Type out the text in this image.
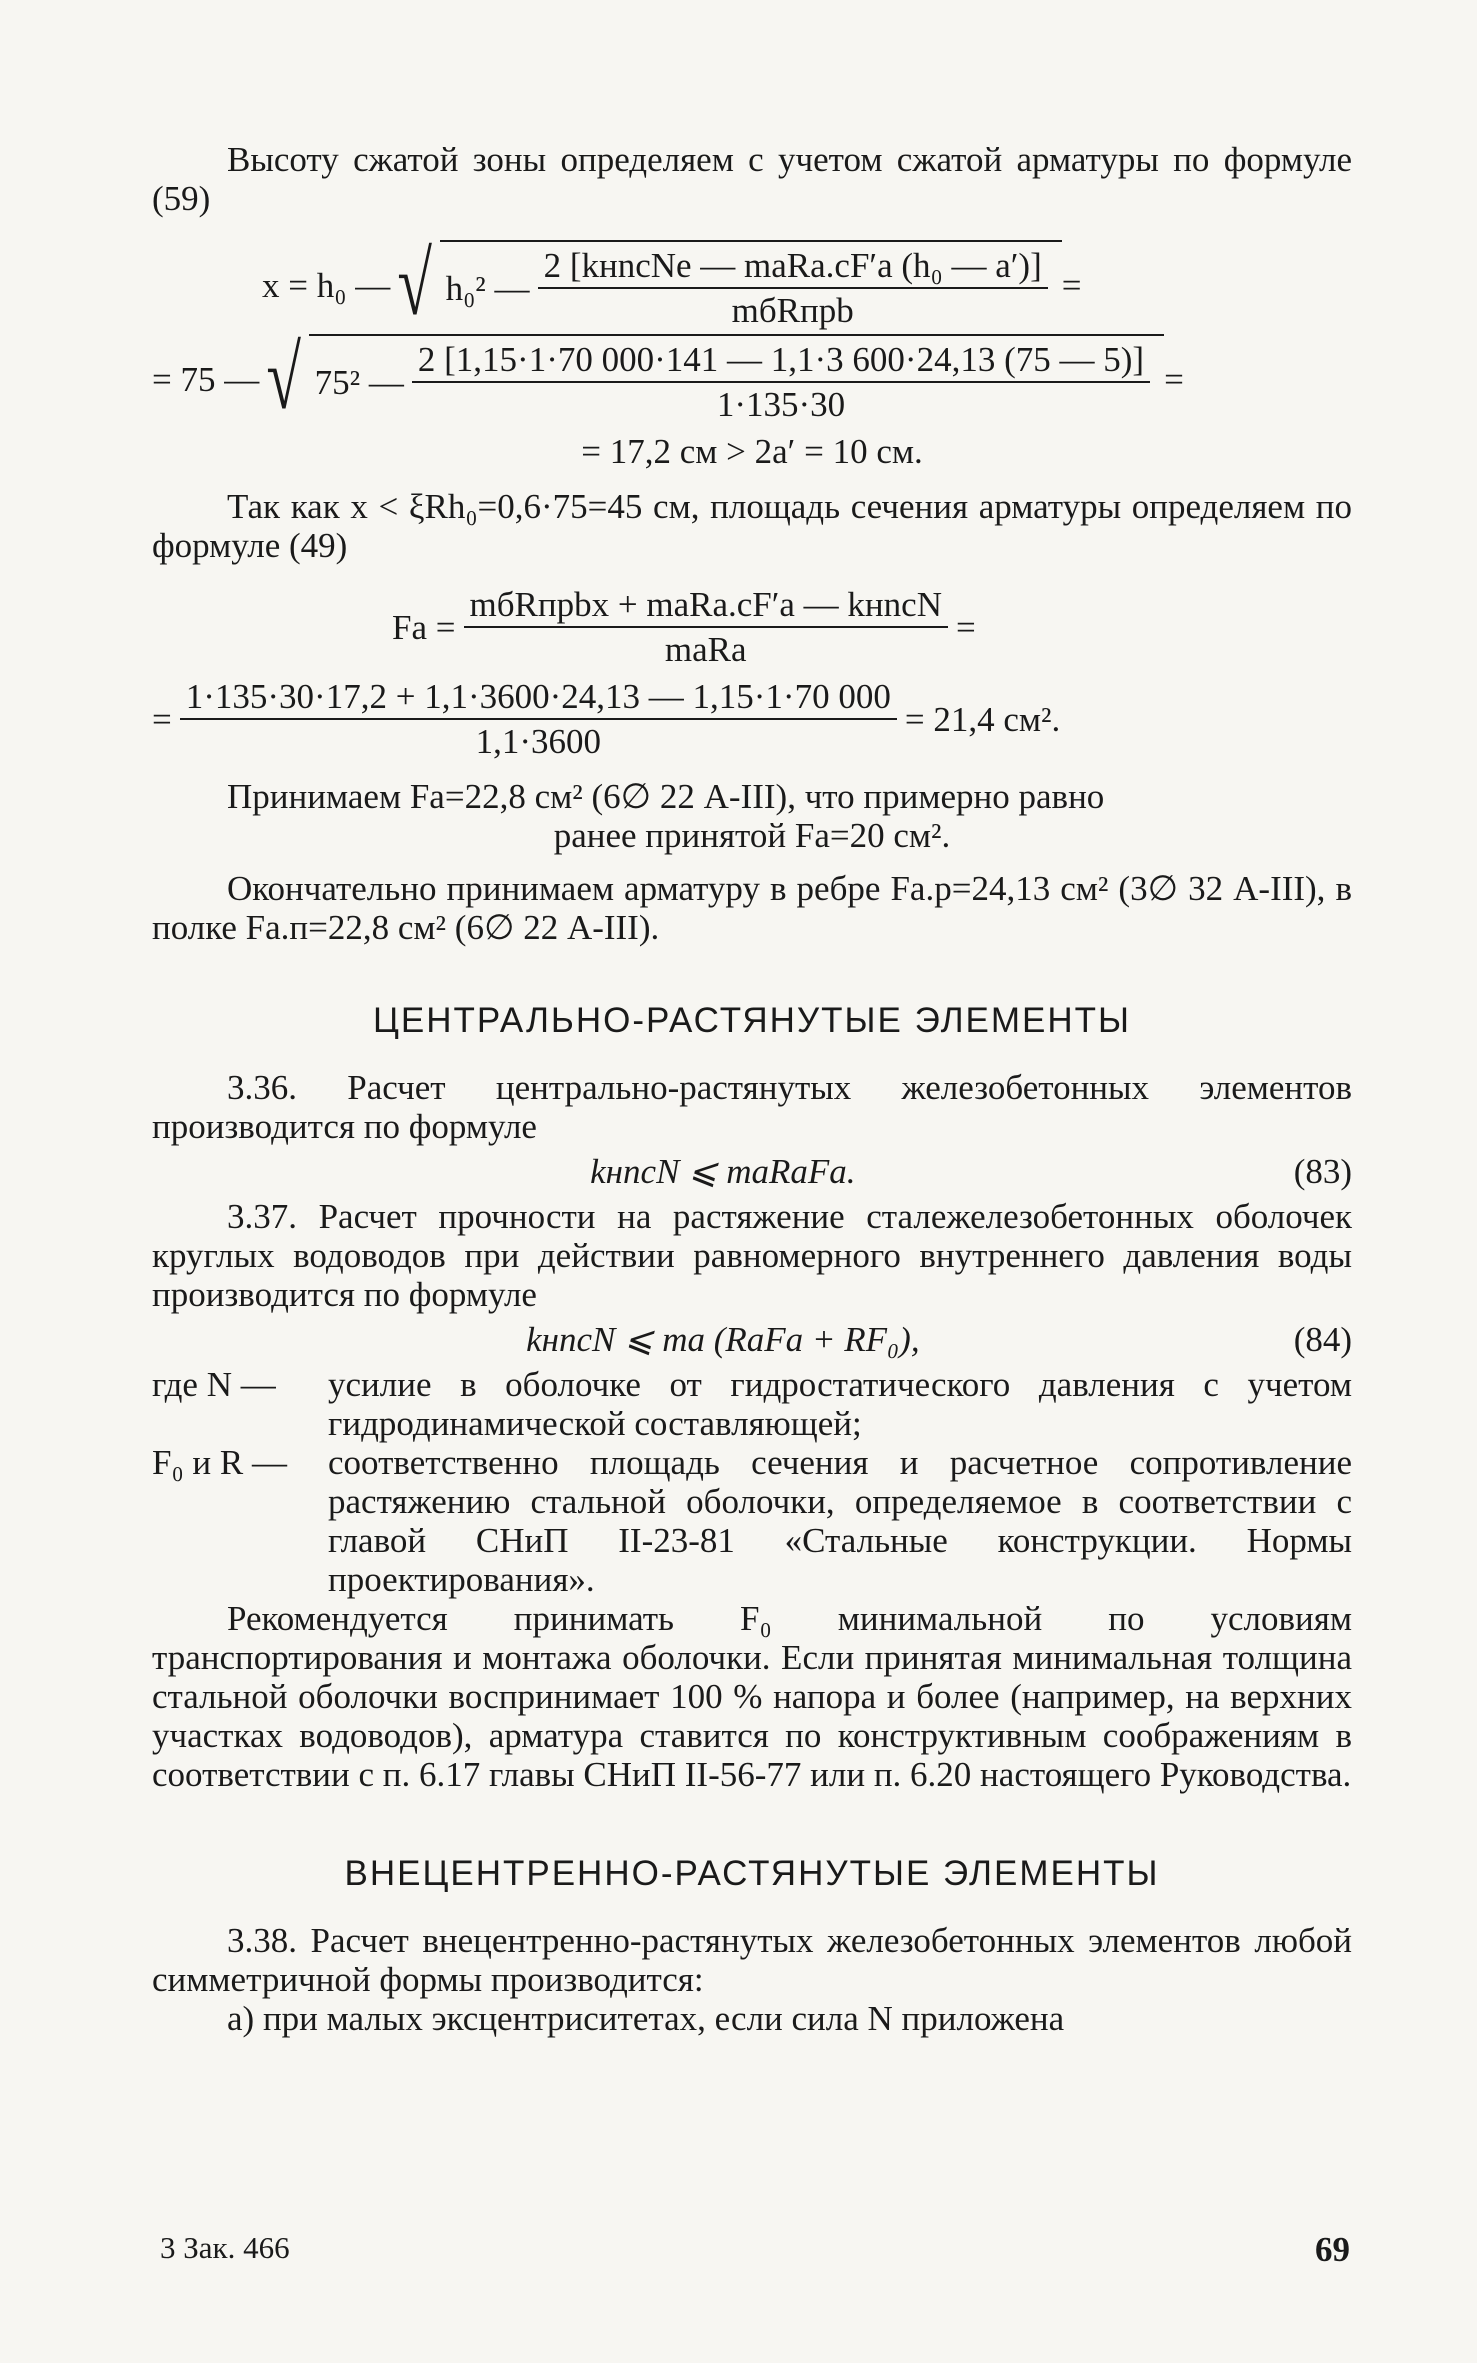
Высоту сжатой зоны определяем с учетом сжатой арматуры по формуле (59)

x = h₀ — √ h₀² — $\frac{\text{2 [kнnсNe — mаRа.сF′а (h₀ — a′)]}}{\text{mбRпрb}}$ =
= 75 — √ 75² — $\frac{2 [1,15\cdot 1\cdot 70 000\cdot 141 — 1,1\cdot 3 600\cdot 24,13 (75 — 5)]}{1\cdot 135\cdot 30}$ =

= 17,2 см > 2a′ = 10 см.

Так как x < ξRh₀=0,6·75=45 см, площадь сечения арматуры определяем по формуле (49)

Fа = $\frac{\text{mбRпрbx + mаRа.сF′а — kнnсN}}{\text{mаRа}}$ =
= $\frac{1\cdot 135\cdot 30\cdot 17,2 + 1,1\cdot 3600\cdot 24,13 — 1,15\cdot 1\cdot 70 000}{1,1\cdot 3600} = 21,4$ см².

Принимаем Fа=22,8 см² (6∅ 22 А-III), что примерно равно

ранее принятой Fа=20 см².

Окончательно принимаем арматуру в ребре Fа.р=24,13 см² (3∅ 32 А-III), в полке Fа.п=22,8 см² (6∅ 22 А-III).

ЦЕНТРАЛЬНО-РАСТЯНУТЫЕ ЭЛЕМЕНТЫ

3.36. Расчет центрально-растянутых железобетонных элементов производится по формуле

kнnсN ⩽ mаRаFа.	(83)

3.37. Расчет прочности на растяжение сталежелезобетонных оболочек круглых водоводов при действии равномерного внутреннего давления воды производится по формуле

kнnсN ⩽ mа (RаFа + RF₀),	(84)
где N —	усилие в оболочке от гидростатического давления с учетом гидродинамической составляющей;

F₀ и R —	соответственно площадь сечения и расчетное сопротивление растяжению стальной оболочки, определяемое в соответствии с главой СНиП II-23-81 «Стальные конструкции. Нормы проектирования».

Рекомендуется принимать F₀ минимальной по условиям транспортирования и монтажа оболочки. Если принятая минимальная толщина стальной оболочки воспринимает 100 % напора и более (например, на верхних участках водоводов), арматура ставится по конструктивным соображениям в соответствии с п. 6.17 главы СНиП II-56-77 или п. 6.20 настоящего Руководства.

ВНЕЦЕНТРЕННО-РАСТЯНУТЫЕ ЭЛЕМЕНТЫ

3.38. Расчет внецентренно-растянутых железобетонных элементов любой симметричной формы производится:

а) при малых эксцентриситетах, если сила N приложена

3 Зак. 466	69
